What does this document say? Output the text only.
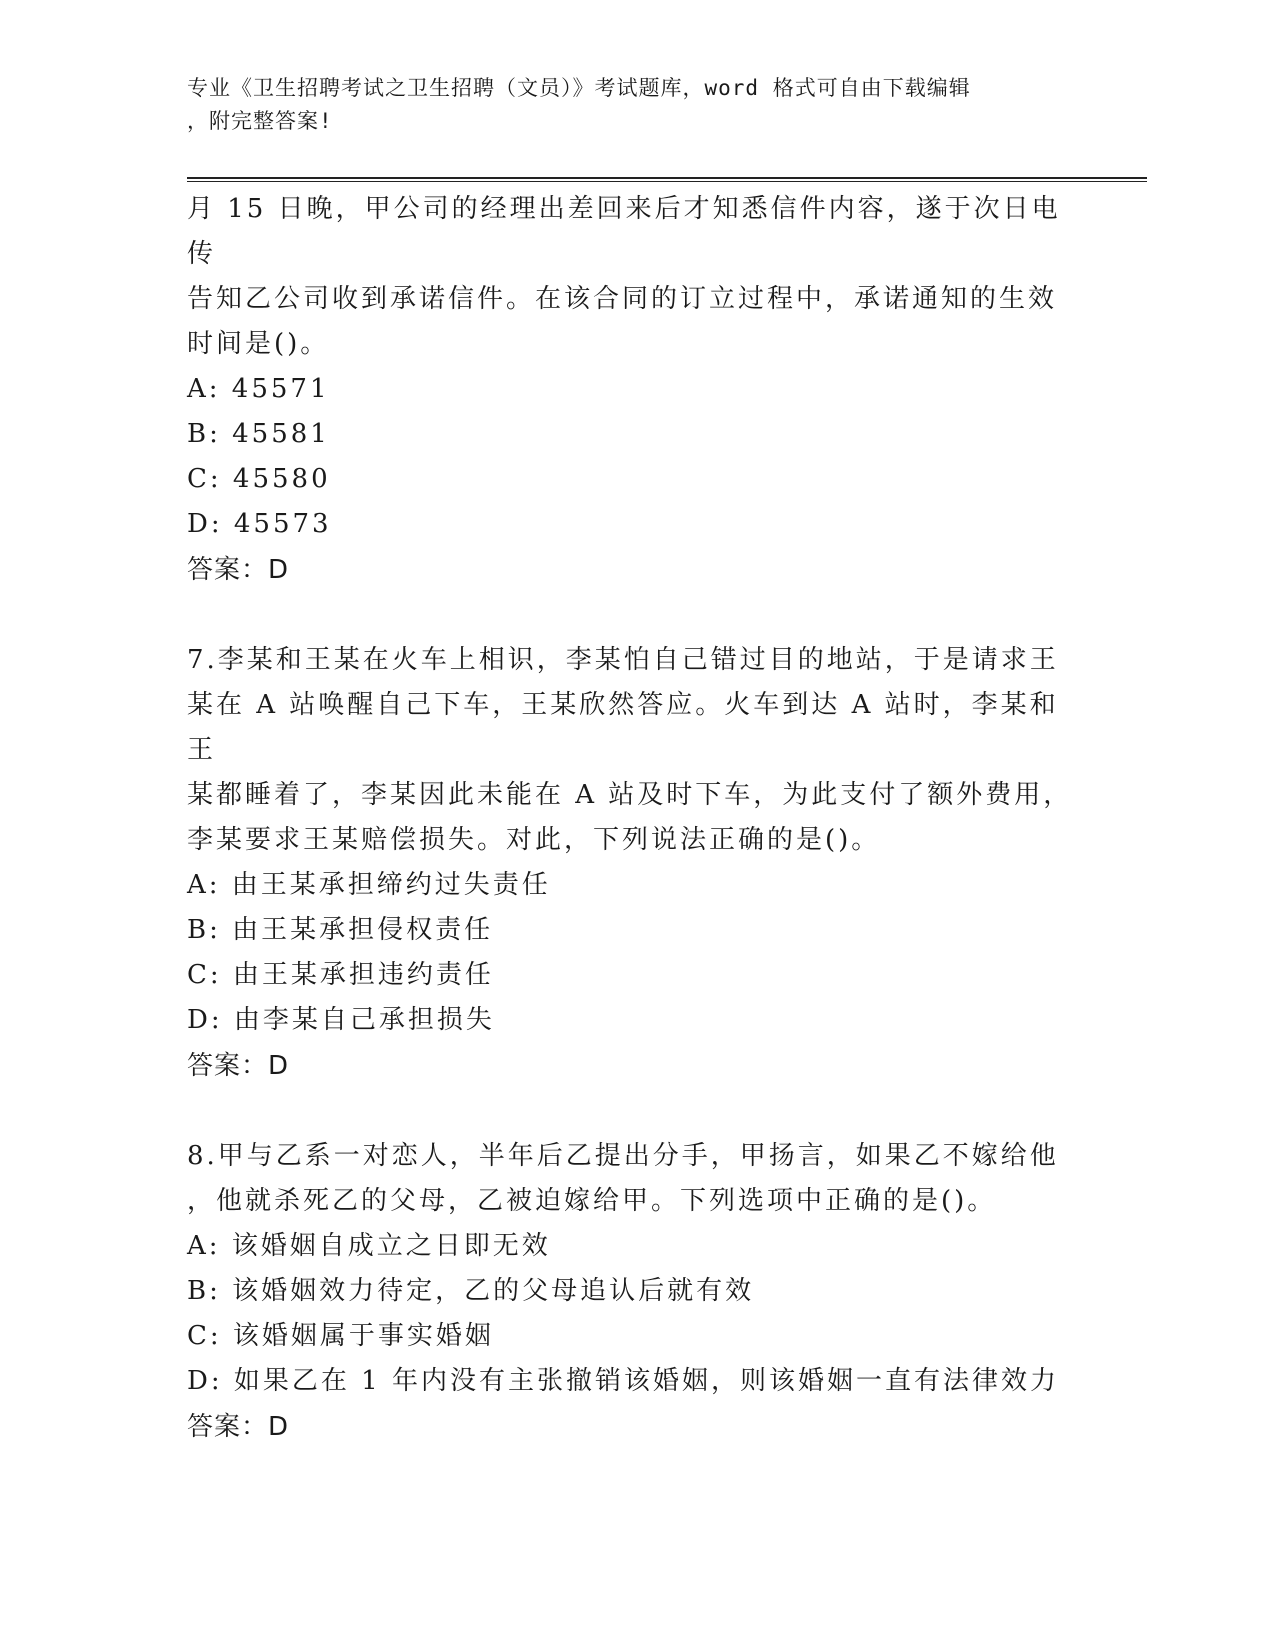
专业《卫生招聘考试之卫生招聘（文员）》考试题库，word 格式可自由下载编辑
，附完整答案!

月 15 日晚，甲公司的经理出差回来后才知悉信件内容，遂于次日电传

告知乙公司收到承诺信件。在该合同的订立过程中，承诺通知的生效

时间是()。

A: 45571

B: 45581

C: 45580

D: 45573

答案：D

7.李某和王某在火车上相识，李某怕自己错过目的地站，于是请求王

某在 A 站唤醒自己下车，王某欣然答应。火车到达 A 站时，李某和王

某都睡着了，李某因此未能在 A 站及时下车，为此支付了额外费用，

李某要求王某赔偿损失。对此，下列说法正确的是()。

A: 由王某承担缔约过失责任

B: 由王某承担侵权责任

C: 由王某承担违约责任

D: 由李某自己承担损失

答案：D

8.甲与乙系一对恋人，半年后乙提出分手，甲扬言，如果乙不嫁给他

，他就杀死乙的父母，乙被迫嫁给甲。下列选项中正确的是()。

A: 该婚姻自成立之日即无效

B: 该婚姻效力待定，乙的父母追认后就有效

C: 该婚姻属于事实婚姻

D: 如果乙在 1 年内没有主张撤销该婚姻，则该婚姻一直有法律效力

答案：D
